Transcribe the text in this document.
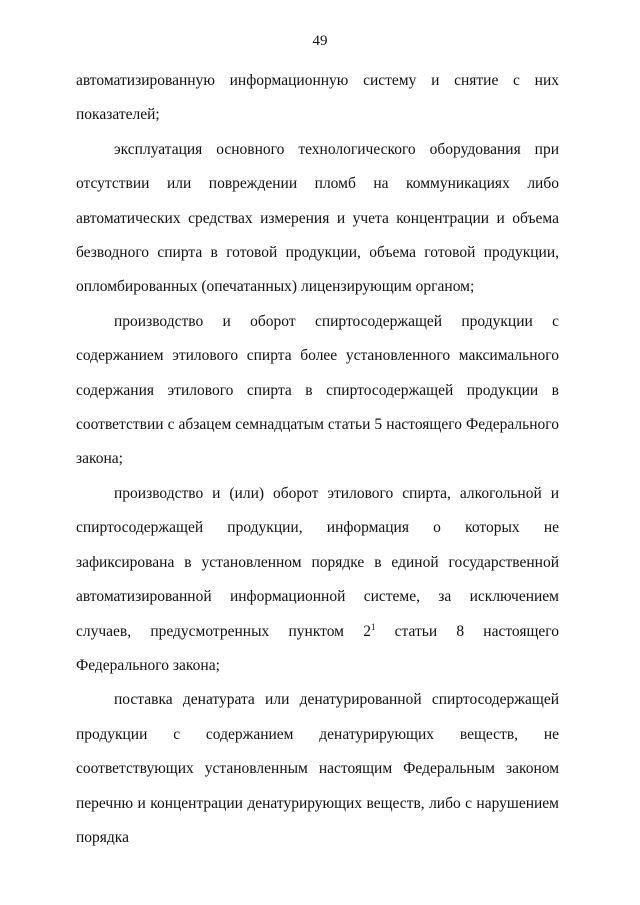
49

автоматизированную информационную систему и снятие с них показателей;

эксплуатация основного технологического оборудования при отсутствии или повреждении пломб на коммуникациях либо автоматических средствах измерения и учета концентрации и объема безводного спирта в готовой продукции, объема готовой продукции, опломбированных (опечатанных) лицензирующим органом;

производство и оборот спиртосодержащей продукции с содержанием этилового спирта более установленного максимального содержания этилового спирта в спиртосодержащей продукции в соответствии с абзацем семнадцатым статьи 5 настоящего Федерального закона;

производство и (или) оборот этилового спирта, алкогольной и спиртосодержащей продукции, информация о которых не зафиксирована в установленном порядке в единой государственной автоматизированной информационной системе, за исключением случаев, предусмотренных пунктом $2^1$ статьи 8 настоящего Федерального закона;

поставка денатурата или денатурированной спиртосодержащей продукции с содержанием денатурирующих веществ, не соответствующих установленным настоящим Федеральным законом перечню и концентрации денатурирующих веществ, либо с нарушением порядка
